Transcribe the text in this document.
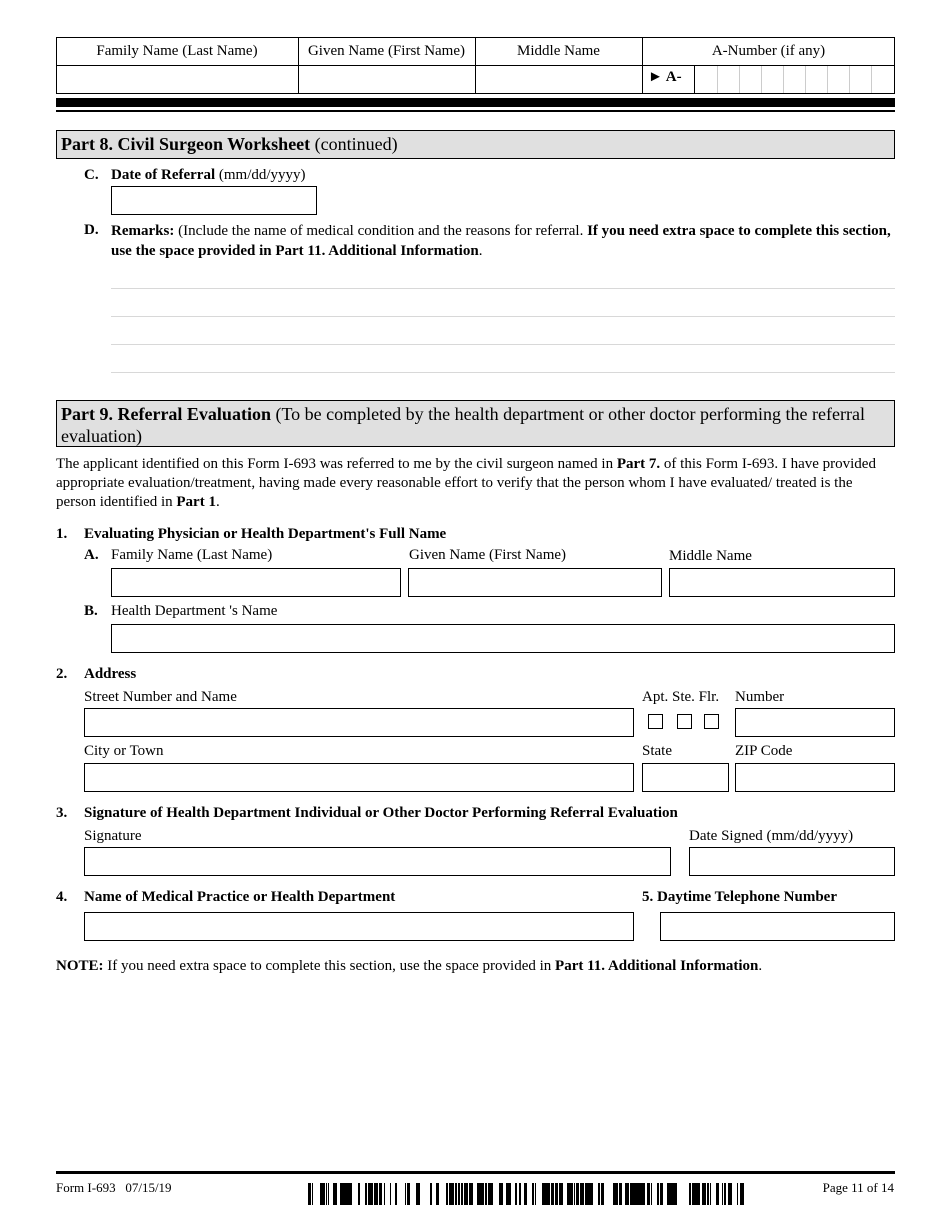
Family Name (Last Name)	Given Name (First Name)	Middle Name	A-Number (if any)
► A-
Part 8. Civil Surgeon Worksheet (continued)
C. Date of Referral (mm/dd/yyyy)
D. Remarks: (Include the name of medical condition and the reasons for referral. If you need extra space to complete this section, use the space provided in Part 11. Additional Information.
Part 9. Referral Evaluation (To be completed by the health department or other doctor performing the referral evaluation)
The applicant identified on this Form I-693 was referred to me by the civil surgeon named in Part 7. of this Form I-693. I have provided appropriate evaluation/treatment, having made every reasonable effort to verify that the person whom I have evaluated/ treated is the person identified in Part 1.
1. Evaluating Physician or Health Department's Full Name
A. Family Name (Last Name)	Given Name (First Name)	Middle Name
B. Health Department 's Name
2. Address
Street Number and Name	Apt. Ste. Flr. Number
City or Town	State	ZIP Code
3. Signature of Health Department Individual or Other Doctor Performing Referral Evaluation
Signature	Date Signed (mm/dd/yyyy)
4. Name of Medical Practice or Health Department	5. Daytime Telephone Number
NOTE: If you need extra space to complete this section, use the space provided in Part 11. Additional Information.
Form I-693   07/15/19	Page 11 of 14
